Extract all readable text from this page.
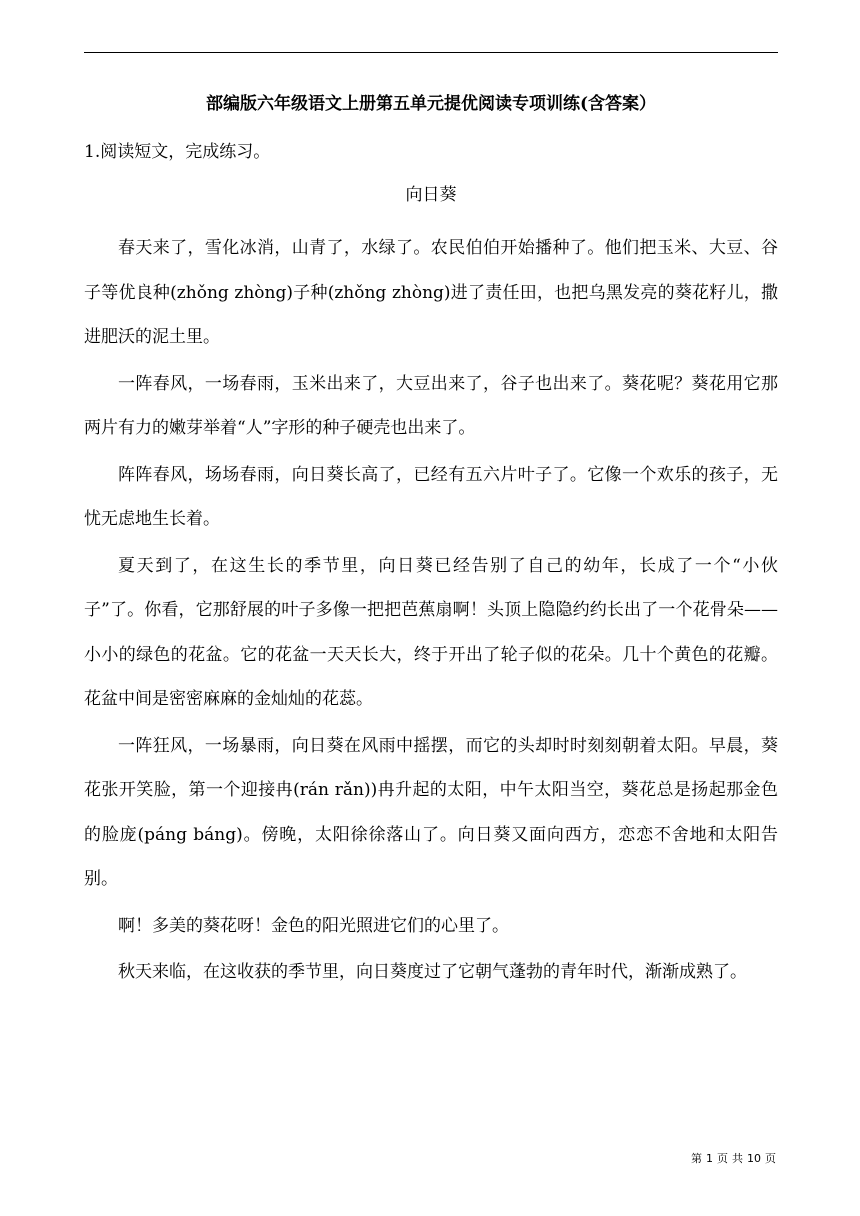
部编版六年级语文上册第五单元提优阅读专项训练(含答案）
1.阅读短文，完成练习。
向日葵

春天来了，雪化冰消，山青了，水绿了。农民伯伯开始播种了。他们把玉米、大豆、谷子等优良种(zhǒng zhòng)子种(zhǒng zhòng)进了责任田，也把乌黑发亮的葵花籽儿，撒进肥沃的泥土里。

一阵春风，一场春雨，玉米出来了，大豆出来了，谷子也出来了。葵花呢？葵花用它那两片有力的嫩芽举着“人”字形的种子硬壳也出来了。

阵阵春风，场场春雨，向日葵长高了，已经有五六片叶子了。它像一个欢乐的孩子，无忧无虑地生长着。

夏天到了，在这生长的季节里，向日葵已经告别了自己的幼年，长成了一个“小伙子”了。你看，它那舒展的叶子多像一把把芭蕉扇啊！头顶上隐隐约约长出了一个花骨朵——小小的绿色的花盆。它的花盆一天天长大，终于开出了轮子似的花朵。几十个黄色的花瓣。花盆中间是密密麻麻的金灿灿的花蕊。

一阵狂风，一场暴雨，向日葵在风雨中摇摆，而它的头却时时刻刻朝着太阳。早晨，葵花张开笑脸，第一个迎接冉(rán rǎn))冉升起的太阳，中午太阳当空，葵花总是扬起那金色的脸庞(páng báng)。傍晚，太阳徐徐落山了。向日葵又面向西方，恋恋不舍地和太阳告别。

啊！多美的葵花呀！金色的阳光照进它们的心里了。

秋天来临，在这收获的季节里，向日葵度过了它朝气蓬勃的青年时代，渐渐成熟了。

第 1 页 共 10 页
